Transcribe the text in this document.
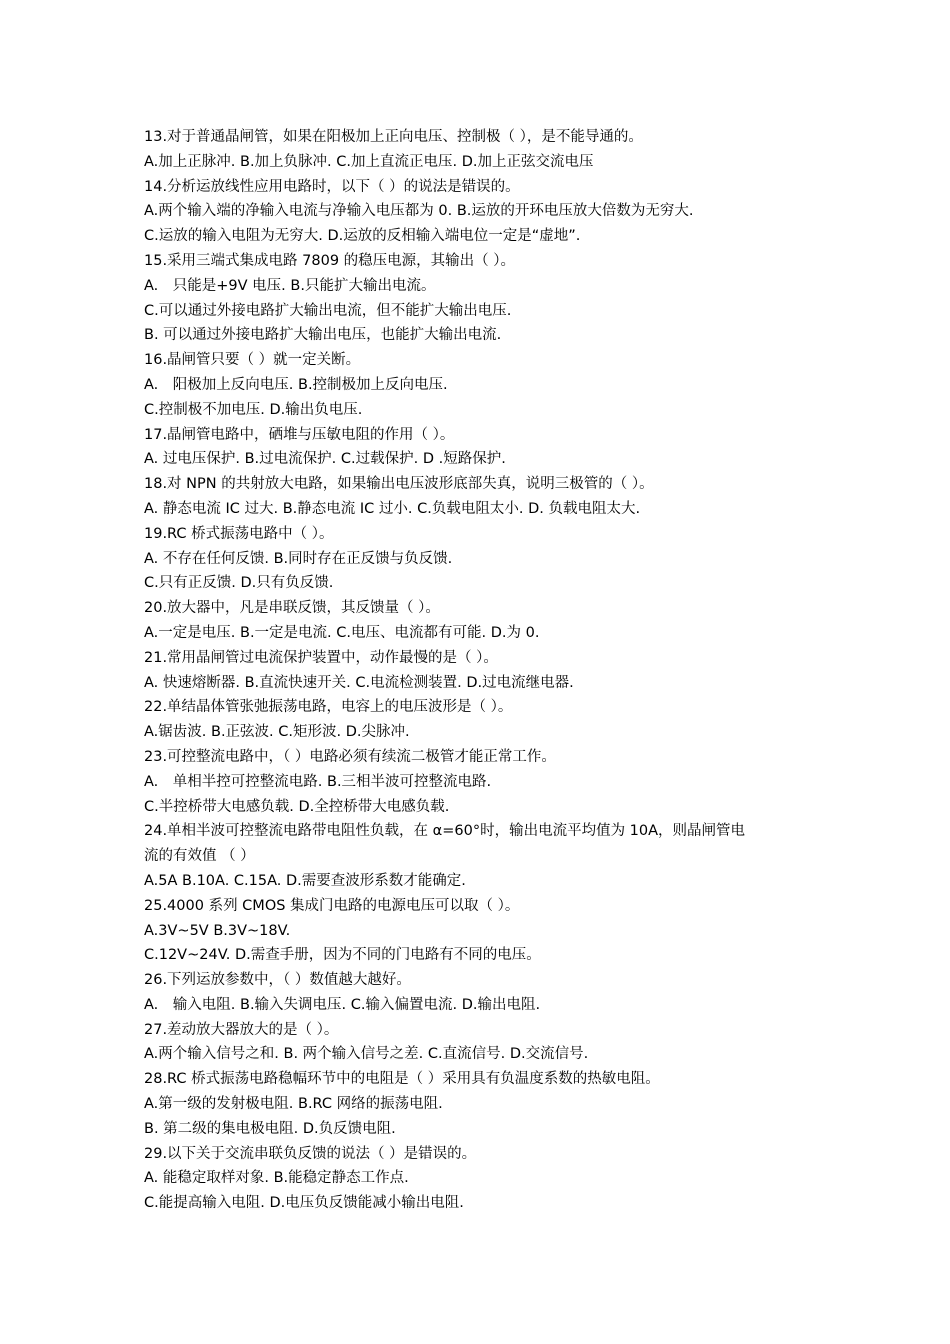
13.对于普通晶闸管，如果在阳极加上正向电压、控制极（ ），是不能导通的。
A.加上正脉冲. B.加上负脉冲. C.加上直流正电压. D.加上正弦交流电压
14.分析运放线性应用电路时，以下（ ）的说法是错误的。
A.两个输入端的净输入电流与净输入电压都为 0. B.运放的开环电压放大倍数为无穷大.
C.运放的输入电阻为无穷大. D.运放的反相输入端电位一定是“虚地”.
15.采用三端式集成电路 7809 的稳压电源，其输出（ ）。
A.　只能是+9V 电压. B.只能扩大输出电流。
C.可以通过外接电路扩大输出电流，但不能扩大输出电压.
B. 可以通过外接电路扩大输出电压，也能扩大输出电流.
16.晶闸管只要（ ）就一定关断。
A.　阳极加上反向电压. B.控制极加上反向电压.
C.控制极不加电压. D.输出负电压.
17.晶闸管电路中，硒堆与压敏电阻的作用（ ）。
A. 过电压保护. B.过电流保护. C.过载保护. D .短路保护.
18.对 NPN 的共射放大电路，如果输出电压波形底部失真，说明三极管的（ ）。
A. 静态电流 IC 过大. B.静态电流 IC 过小. C.负载电阻太小. D. 负载电阻太大.
19.RC 桥式振荡电路中（ ）。
A. 不存在任何反馈. B.同时存在正反馈与负反馈.
C.只有正反馈. D.只有负反馈.
20.放大器中，凡是串联反馈，其反馈量（ ）。
A.一定是电压. B.一定是电流. C.电压、电流都有可能. D.为 0.
21.常用晶闸管过电流保护装置中，动作最慢的是（ ）。
A. 快速熔断器. B.直流快速开关. C.电流检测装置. D.过电流继电器.
22.单结晶体管张弛振荡电路，电容上的电压波形是（ ）。
A.锯齿波. B.正弦波. C.矩形波. D.尖脉冲.
23.可控整流电路中，（ ）电路必须有续流二极管才能正常工作。
A.　单相半控可控整流电路. B.三相半波可控整流电路.
C.半控桥带大电感负载. D.全控桥带大电感负载.
24.单相半波可控整流电路带电阻性负载，在 α=60°时，输出电流平均值为 10A，则晶闸管电
流的有效值 （ ）
A.5A B.10A. C.15A. D.需要查波形系数才能确定.
25.4000 系列 CMOS 集成门电路的电源电压可以取（ ）。
A.3V~5V B.3V~18V.
C.12V~24V. D.需查手册，因为不同的门电路有不同的电压。
26.下列运放参数中，（ ）数值越大越好。
A.　输入电阻. B.输入失调电压. C.输入偏置电流. D.输出电阻.
27.差动放大器放大的是（ ）。
A.两个输入信号之和. B. 两个输入信号之差. C.直流信号. D.交流信号.
28.RC 桥式振荡电路稳幅环节中的电阻是（ ）采用具有负温度系数的热敏电阻。
A.第一级的发射极电阻. B.RC 网络的振荡电阻.
B. 第二级的集电极电阻. D.负反馈电阻.
29.以下关于交流串联负反馈的说法（ ）是错误的。
A. 能稳定取样对象. B.能稳定静态工作点.
C.能提高输入电阻. D.电压负反馈能减小输出电阻.
